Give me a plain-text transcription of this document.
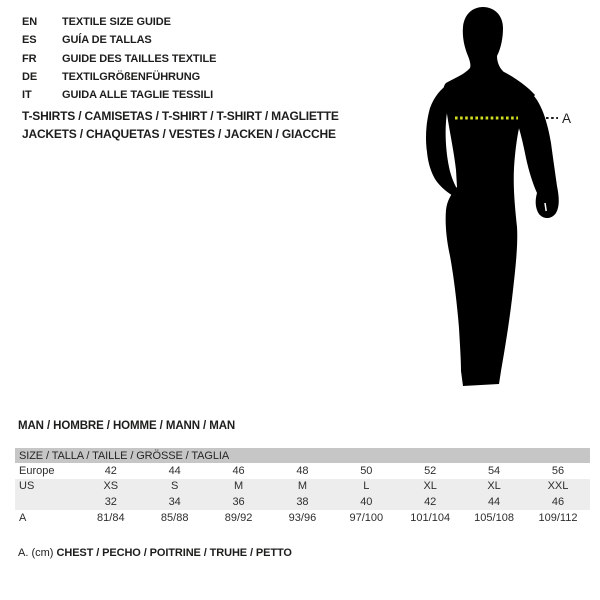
EN TEXTILE SIZE GUIDE
ES GUÍA DE TALLAS
FR GUIDE DES TAILLES TEXTILE
DE TEXTILGRÖßENFÜHRUNG
IT	GUIDA ALLE TAGLIE TESSILI
T-SHIRTS / CAMISETAS / T-SHIRT / T-SHIRT / MAGLIETTE
JACKETS / CHAQUETAS / VESTES / JACKEN / GIACCHE
A
MAN / HOMBRE / HOMME / MANN / MAN
SIZE / TALLA / TAILLE / GRÖSSE / TAGLIA								
Europe	42	44	46	48	50	52	54	56
US	XS	S	M	M	L	XL	XL	XXL
	32	34	36	38	40	42	44	46
A	81/84	85/88	89/92	93/96	97/100	101/104	105/108	109/112
A. (cm) CHEST / PECHO / POITRINE / TRUHE / PETTO
